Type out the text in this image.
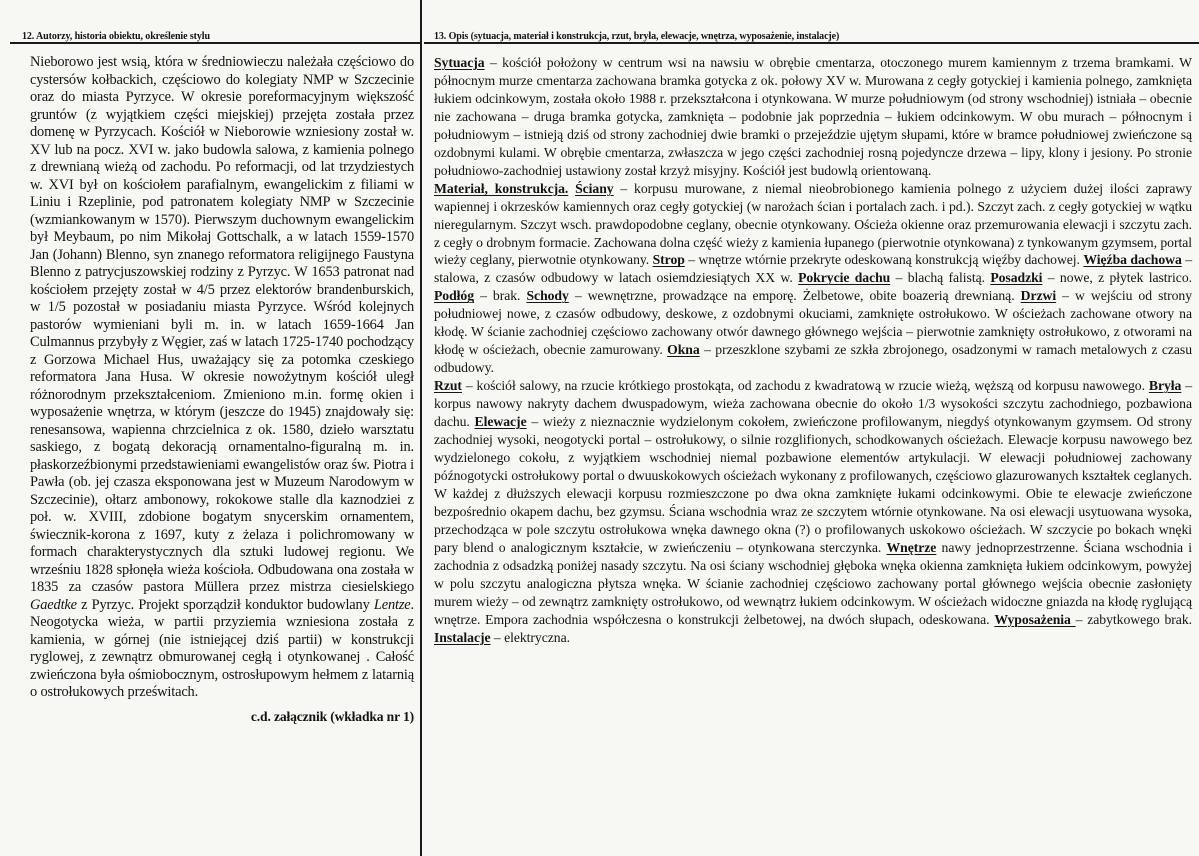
12. Autorzy, historia obiektu, określenie stylu

Nieborowo jest wsią, która w średniowieczu należała częściowo do cystersów kołbackich, częściowo do kolegiaty NMP w Szczecinie oraz do miasta Pyrzyce. W okresie poreformacyjnym większość gruntów (z wyjątkiem części miejskiej) przejęta została przez domenę w Pyrzycach. Kościół w Nieborowie wzniesiony został w. XV lub na pocz. XVI w. jako budowla salowa, z kamienia polnego z drewnianą wieżą od zachodu. Po reformacji, od lat trzydziestych w. XVI był on kościołem parafialnym, ewangelickim z filiami w Liniu i Rzeplinie, pod patronatem kolegiaty NMP w Szczecinie (wzmiankowanym w 1570). Pierwszym duchownym ewangelickim był Meybaum, po nim Mikołaj Gottschalk, a w latach 1559-1570 Jan (Johann) Blenno, syn znanego reformatora religijnego Faustyna Blenno z patrycjuszowskiej rodziny z Pyrzyc. W 1653 patronat nad kościołem przejęty został w 4/5 przez elektorów brandenburskich, w 1/5 pozostał w posiadaniu miasta Pyrzyce. Wśród kolejnych pastorów wymieniani byli m. in. w latach 1659-1664 Jan Culmannus przybyły z Węgier, zaś w latach 1725-1740 pochodzący z Gorzowa Michael Hus, uważający się za potomka czeskiego reformatora Jana Husa. W okresie nowożytnym kościół uległ różnorodnym przekształceniom. Zmieniono m.in. formę okien i wyposażenie wnętrza, w którym (jeszcze do 1945) znajdowały się: renesansowa, wapienna chrzcielnica z ok. 1580, dzieło warsztatu saskiego, z bogatą dekoracją ornamentalno-figuralną m. in. płaskorzeźbionymi przedstawieniami ewangelistów oraz św. Piotra i Pawła (ob. jej czasza eksponowana jest w Muzeum Narodowym w Szczecinie), ołtarz ambonowy, rokokowe stalle dla kaznodziei z poł. w. XVIII, zdobione bogatym snycerskim ornamentem, świecznik-korona z 1697, kuty z żelaza i polichromowany w formach charakterystycznych dla sztuki ludowej regionu. We wrześniu 1828 spłonęła wieża kościoła. Odbudowana ona została w 1835 za czasów pastora Müllera przez mistrza ciesielskiego Gaedtke z Pyrzyc. Projekt sporządził konduktor budowlany Lentze. Neogotycka wieża, w partii przyziemia wzniesiona została z kamienia, w górnej (nie istniejącej dziś partii) w konstrukcji ryglowej, z zewnątrz obmurowanej cegłą i otynkowanej . Całość zwieńczona była ośmiobocznym, ostrosłupowym hełmem z latarnią o ostrołukowych prześwitach.

c.d. załącznik (wkładka nr 1)

13. Opis (sytuacja, materiał i konstrukcja, rzut, bryła, elewacje, wnętrza, wyposażenie, instalacje)

Sytuacja – kościół położony w centrum wsi na nawsiu w obrębie cmentarza, otoczonego murem kamiennym z trzema bramkami. W północnym murze cmentarza zachowana bramka gotycka z ok. połowy XV w. Murowana z cegły gotyckiej i kamienia polnego, zamknięta łukiem odcinkowym, została około 1988 r. przekształcona i otynkowana. W murze południowym (od strony wschodniej) istniała – obecnie nie zachowana – druga bramka gotycka, zamknięta – podobnie jak poprzednia – łukiem odcinkowym. W obu murach – północnym i południowym – istnieją dziś od strony zachodniej dwie bramki o przejeździe ujętym słupami, które w bramce południowej zwieńczone są ozdobnymi kulami. W obrębie cmentarza, zwłaszcza w jego części zachodniej rosną pojedyncze drzewa – lipy, klony i jesiony. Po stronie południowo-zachodniej ustawiony został krzyż misyjny. Kościół jest budowlą orientowaną.

Materiał, konstrukcja. Ściany – korpusu murowane, z niemal nieobrobionego kamienia polnego z użyciem dużej ilości zaprawy wapiennej i okrzesków kamiennych oraz cegły gotyckiej (w narożach ścian i portalach zach. i pd.). Szczyt zach. z cegły gotyckiej w wątku nieregularnym. Szczyt wsch. prawdopodobne ceglany, obecnie otynkowany. Ościeża okienne oraz przemurowania elewacji i szczytu zach. z cegły o drobnym formacie. Zachowana dolna część wieży z kamienia łupanego (pierwotnie otynkowana) z tynkowanym gzymsem, portal wieży ceglany, pierwotnie otynkowany. Strop – wnętrze wtórnie przekryte odeskowaną konstrukcją więźby dachowej. Więźba dachowa – stalowa, z czasów odbudowy w latach osiemdziesiątych XX w. Pokrycie dachu – blachą falistą. Posadzki – nowe, z płytek lastrico. Podłóg – brak. Schody – wewnętrzne, prowadzące na emporę. Żelbetowe, obite boazerią drewnianą. Drzwi – w wejściu od strony południowej nowe, z czasów odbudowy, deskowe, z ozdobnymi okuciami, zamknięte ostrołukowo. W ościeżach zachowane otwory na kłodę. W ścianie zachodniej częściowo zachowany otwór dawnego głównego wejścia – pierwotnie zamknięty ostrołukowo, z otworami na kłodę w ościeżach, obecnie zamurowany. Okna – przeszklone szybami ze szkła zbrojonego, osadzonymi w ramach metalowych z czasu odbudowy.

Rzut – kościół salowy, na rzucie krótkiego prostokąta, od zachodu z kwadratową w rzucie wieżą, węższą od korpusu nawowego. Bryła – korpus nawowy nakryty dachem dwuspadowym, wieża zachowana obecnie do około 1/3 wysokości szczytu zachodniego, pozbawiona dachu. Elewacje – wieży z nieznacznie wydzielonym cokołem, zwieńczone profilowanym, niegdyś otynkowanym gzymsem. Od strony zachodniej wysoki, neogotycki portal – ostrołukowy, o silnie rozglifionych, schodkowanych ościeżach. Elewacje korpusu nawowego bez wydzielonego cokołu, z wyjątkiem wschodniej niemal pozbawione elementów artykulacji. W elewacji południowej zachowany późnogotycki ostrołukowy portal o dwuuskokowych ościeżach wykonany z profilowanych, częściowo glazurowanych kształtek ceglanych. W każdej z dłuższych elewacji korpusu rozmieszczone po dwa okna zamknięte łukami odcinkowymi. Obie te elewacje zwieńczone bezpośrednio okapem dachu, bez gzymsu. Ściana wschodnia wraz ze szczytem wtórnie otynkowane. Na osi elewacji usytuowana wysoka, przechodząca w pole szczytu ostrołukowa wnęka dawnego okna (?) o profilowanych uskokowo ościeżach. W szczycie po bokach wnęki pary blend o analogicznym kształcie, w zwieńczeniu – otynkowana sterczynka. Wnętrze nawy jednoprzestrzenne. Ściana wschodnia i zachodnia z odsadzką poniżej nasady szczytu. Na osi ściany wschodniej głęboka wnęka okienna zamknięta łukiem odcinkowym, powyżej w polu szczytu analogiczna płytsza wnęka. W ścianie zachodniej częściowo zachowany portal głównego wejścia obecnie zasłonięty murem wieży – od zewnątrz zamknięty ostrołukowo, od wewnątrz łukiem odcinkowym. W ościeżach widoczne gniazda na kłodę ryglującą wnętrze. Empora zachodnia współczesna o konstrukcji żelbetowej, na dwóch słupach, odeskowana. Wyposażenia – zabytkowego brak. Instalacje – elektryczna.
